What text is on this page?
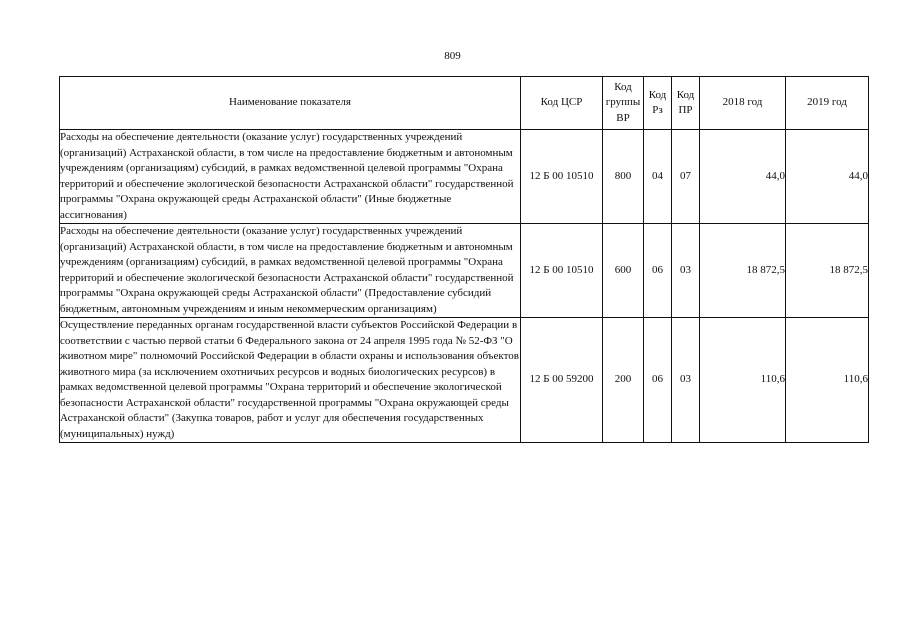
809
Наименование показателя	Код ЦСР	Код группы ВР	Код Рз	Код ПР	2018 год	2019 год
Расходы на обеспечение деятельности (оказание услуг) государственных учреждений (организаций) Астраханской области, в том числе на предоставление бюджетным и автономным учреждениям (организациям) субсидий, в рамках ведомственной целевой программы "Охрана территорий и обеспечение экологической безопасности Астраханской области" государственной программы "Охрана окружающей среды Астраханской области" (Иные бюджетные ассигнования)	12 Б 00 10510	800	04	07	44,0	44,0
Расходы на обеспечение деятельности (оказание услуг) государственных учреждений (организаций) Астраханской области, в том числе на предоставление бюджетным и автономным учреждениям (организациям) субсидий, в рамках ведомственной целевой программы "Охрана территорий и обеспечение экологической безопасности Астраханской области" государственной программы "Охрана окружающей среды Астраханской области" (Предоставление субсидий бюджетным, автономным учреждениям и иным некоммерческим организациям)	12 Б 00 10510	600	06	03	18 872,5	18 872,5
Осуществление переданных органам государственной власти субъектов Российской Федерации в соответствии с частью первой статьи 6 Федерального закона от 24 апреля 1995 года № 52-ФЗ "О животном мире" полномочий Российской Федерации в области охраны и использования объектов животного мира (за исключением охотничьих ресурсов и водных биологических ресурсов) в рамках ведомственной целевой программы "Охрана территорий и обеспечение экологической безопасности Астраханской области" государственной программы "Охрана окружающей среды Астраханской области" (Закупка товаров, работ и услуг для обеспечения государственных (муниципальных) нужд)	12 Б 00 59200	200	06	03	110,6	110,6
